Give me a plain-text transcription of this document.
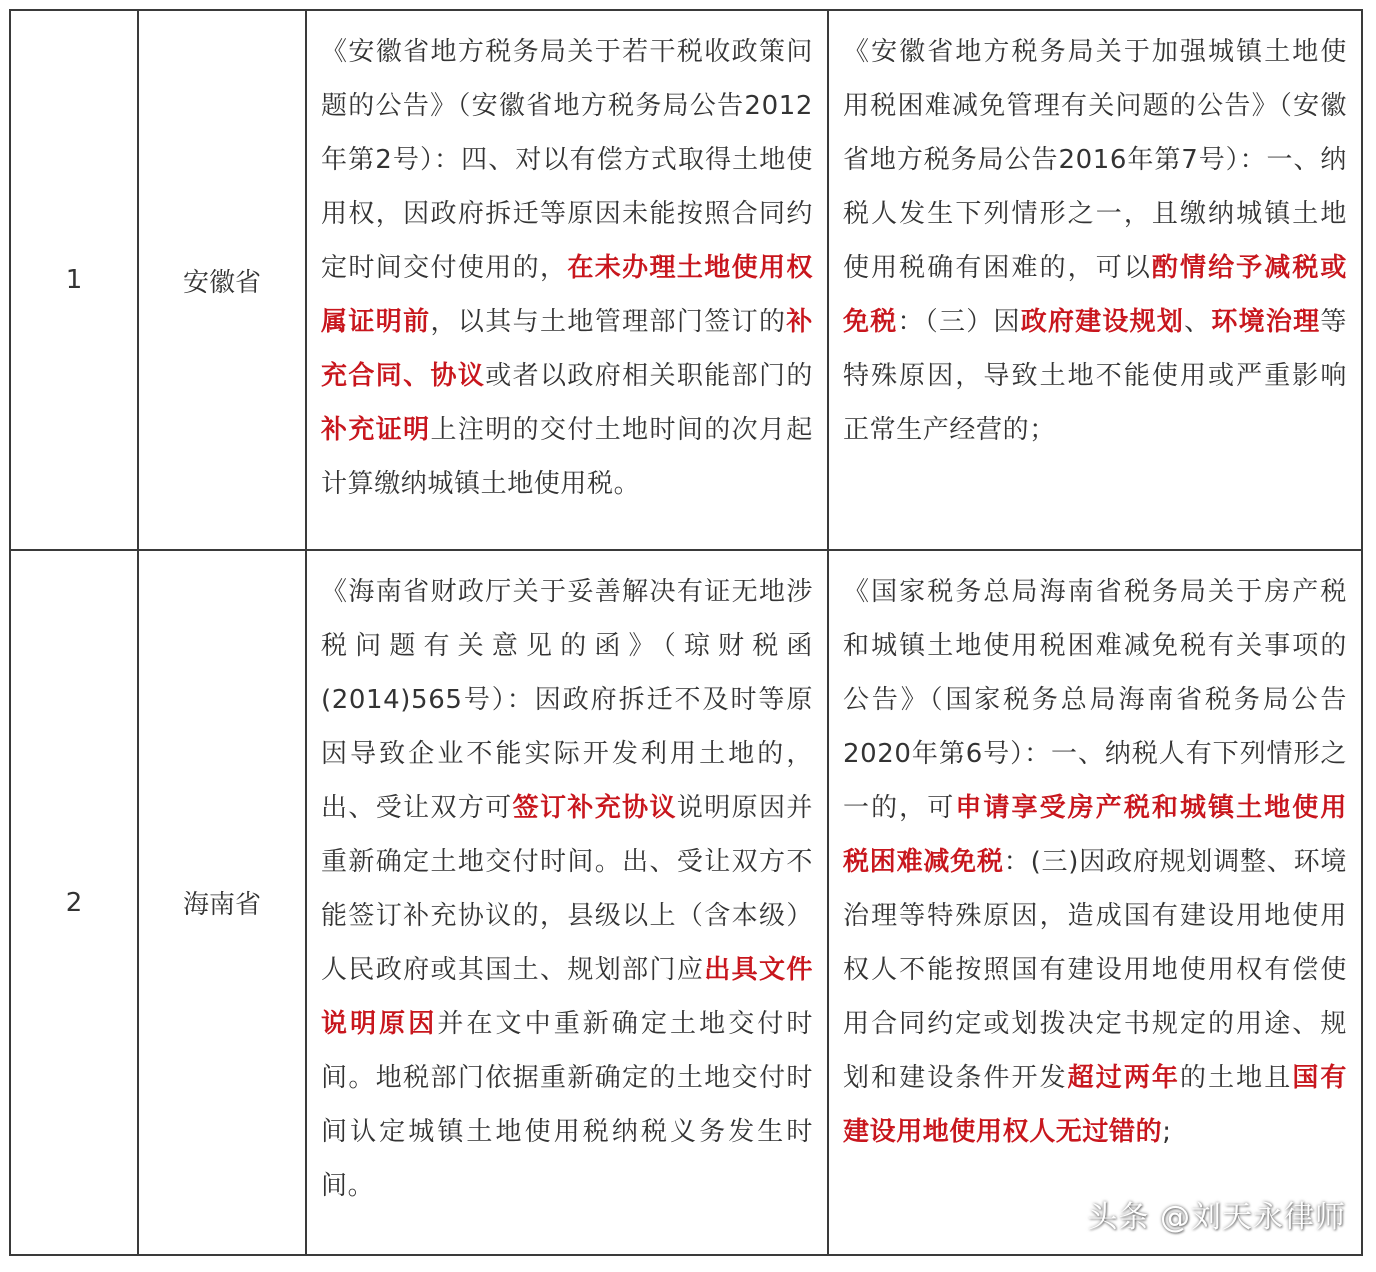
1	安徽省	《安徽省地方税务局关于若干税收政策问题的公告》（安徽省地方税务局公告2012年第2号）：四、对以有偿方式取得土地使用权，因政府拆迁等原因未能按照合同约定时间交付使用的，在未办理土地使用权属证明前，以其与土地管理部门签订的补充合同、协议或者以政府相关职能部门的补充证明上注明的交付土地时间的次月起计算缴纳城镇土地使用税。	《安徽省地方税务局关于加强城镇土地使用税困难减免管理有关问题的公告》（安徽省地方税务局公告2016年第7号）：一、纳税人发生下列情形之一，且缴纳城镇土地使用税确有困难的，可以酌情给予减税或免税：（三）因政府建设规划、环境治理等特殊原因，导致土地不能使用或严重影响正常生产经营的；
2	海南省	《海南省财政厅关于妥善解决有证无地涉税问题有关意见的函》（琼财税函(2014)565号）：因政府拆迁不及时等原因导致企业不能实际开发利用土地的，出、受让双方可签订补充协议说明原因并重新确定土地交付时间。出、受让双方不能签订补充协议的，县级以上（含本级）人民政府或其国土、规划部门应出具文件说明原因并在文中重新确定土地交付时间。地税部门依据重新确定的土地交付时间认定城镇土地使用税纳税义务发生时间。	《国家税务总局海南省税务局关于房产税和城镇土地使用税困难减免税有关事项的公告》（国家税务总局海南省税务局公告2020年第6号）：一、纳税人有下列情形之一的，可申请享受房产税和城镇土地使用税困难减免税：(三)因政府规划调整、环境治理等特殊原因，造成国有建设用地使用权人不能按照国有建设用地使用权有偿使用合同约定或划拨决定书规定的用途、规划和建设条件开发超过两年的土地且国有建设用地使用权人无过错的;
头条 @刘天永律师
